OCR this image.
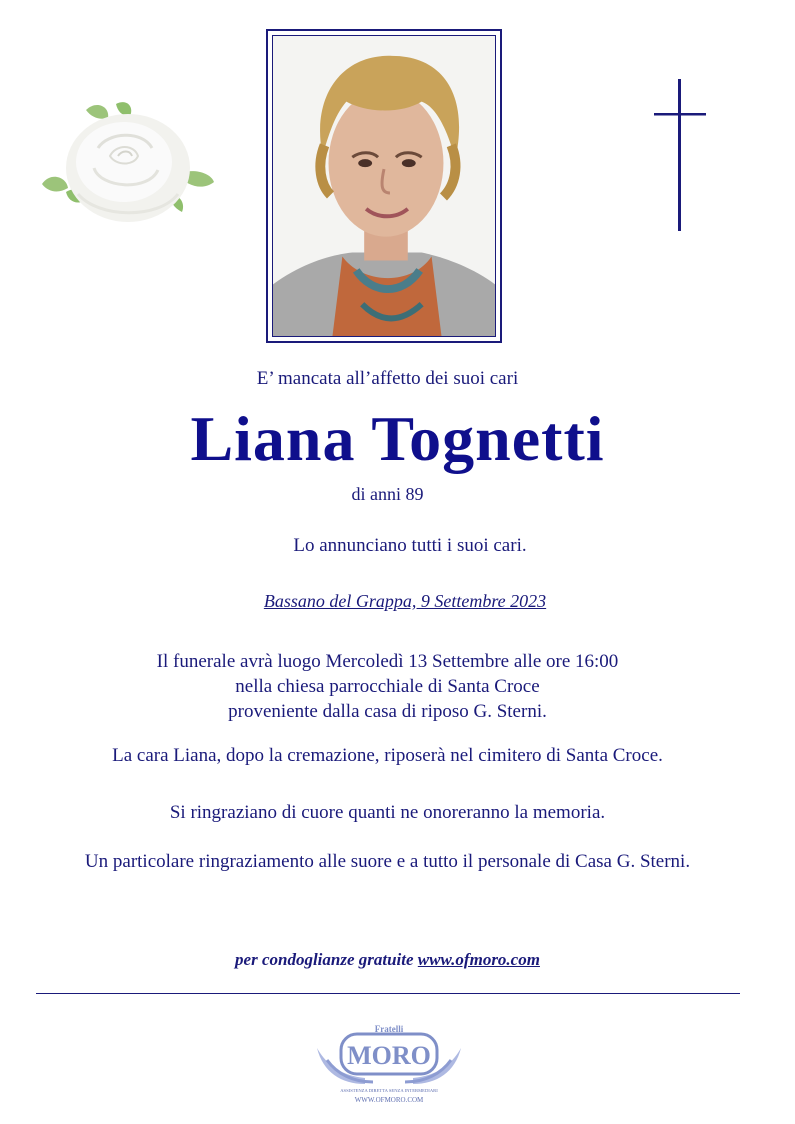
E’ mancata all’affetto dei suoi cari
Liana Tognetti
di anni 89
Lo annunciano tutti i suoi cari.
Bassano del Grappa, 9 Settembre 2023
Il funerale avrà luogo Mercoledì 13 Settembre alle ore 16:00
nella chiesa parrocchiale di Santa Croce
proveniente dalla casa di riposo G. Sterni.
La cara Liana, dopo la cremazione, riposerà nel cimitero di Santa Croce.
Si ringraziano di cuore quanti ne onoreranno la memoria.
Un particolare ringraziamento alle suore e a tutto il personale di Casa G. Sterni.
per condoglianze gratuite www.ofmoro.com
Fratelli
MORO
ASSISTENZA DIRETTA SENZA INTERMEDIARI
WWW.OFMORO.COM
